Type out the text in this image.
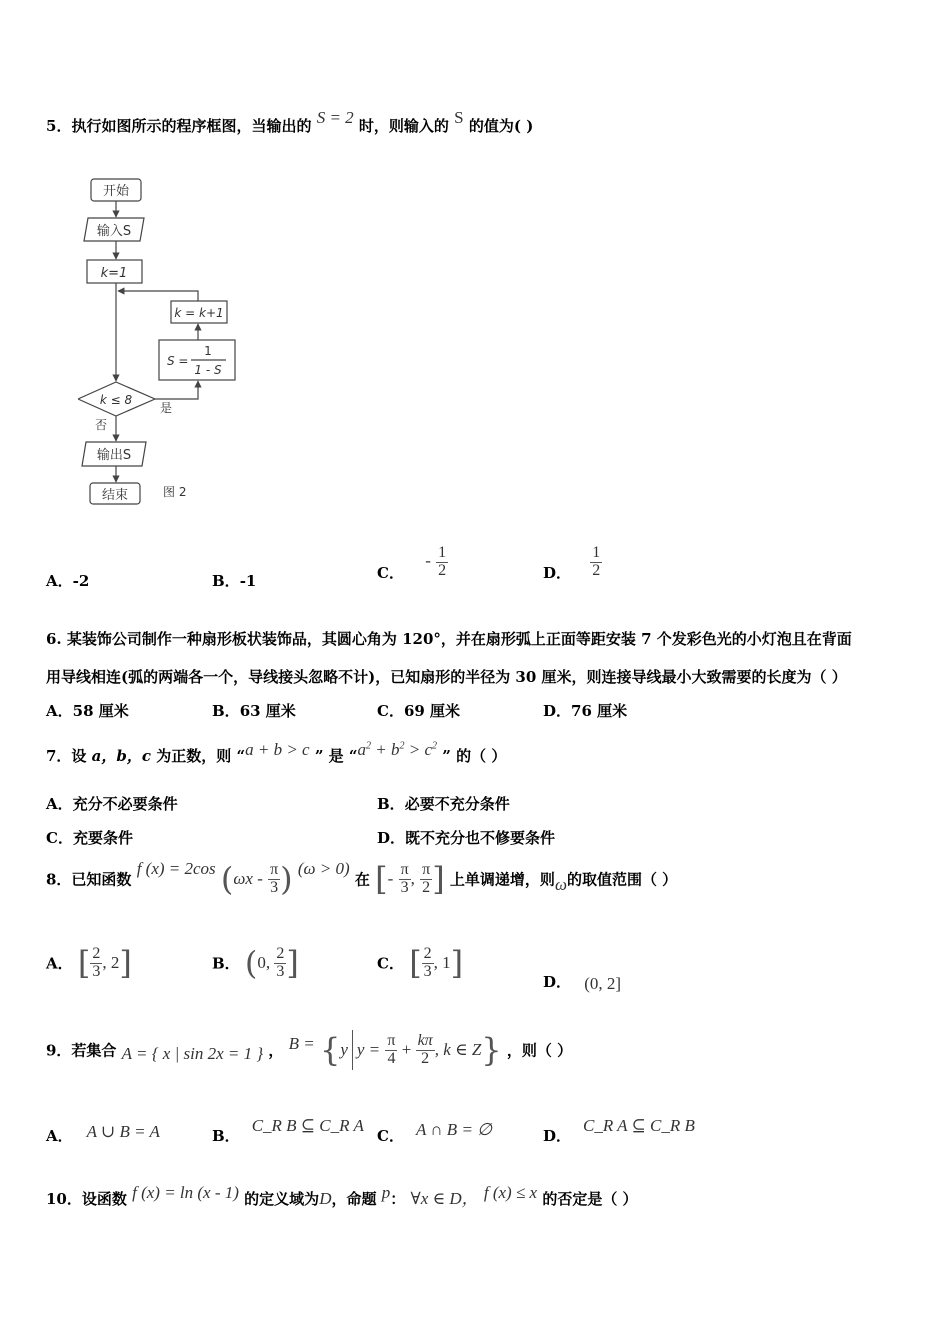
5．执行如图所示的程序框图，当输出的 S = 2 时，则输入的 S 的值为( )
开始
输入S
k=1
k = k+1
S =
1
1 - S
k ≤ 8
是
否
输出S
结束	图 2
A．-2	B．-1	C． - $\frac{1}{2}$	D． $\frac{1}{2}$
6. 某装饰公司制作一种扇形板状装饰品，其圆心角为 120°，并在扇形弧上正面等距安装 7 个发彩色光的小灯泡且在背面
用导线相连(弧的两端各一个，导线接头忽略不计)，已知扇形的半径为 30 厘米，则连接导线最小大致需要的长度为（ ）
A．58 厘米	B．63 厘米	C．69 厘米	D．76 厘米
7．设 a，b，c 为正数，则 “a + b > c ” 是 “$a^2 + b^2 > c^2$ ” 的（ ）
A．充分不必要条件	B．必要不充分条件
C．充要条件	D．既不充分也不修要条件
8．已知函数 f (x) = 2cos ($\omega x - \frac{\pi}{3}$ ) (ω > 0) 在 [- $\frac{\pi}{3}$ , $\frac{\pi}{2}$ ] 上单调递增，则ω的取值范围（ ）
A． [ $\frac{2}{3}$ , 2]	B． (0, $\frac{2}{3}$ ]	C． [ $\frac{2}{3}$ , 1]	D． (0, 2]
9．若集合 A = { x | sin 2x = 1 } ， B = {y $y = \frac{\pi}{4} + \frac{k\pi}{2}$ , k ∈ Z} ，则（ ）
A． A ∪ B = A	B．C_R B ⊆ C_R A
C． A ∩ B = ∅	D．C_R A ⊆ C_R B
10．设函数 f (x) = ln (x - 1) 的定义域为D，命题 p： ∀x ∈ D， f (x) ≤ x 的否定是（ ）
